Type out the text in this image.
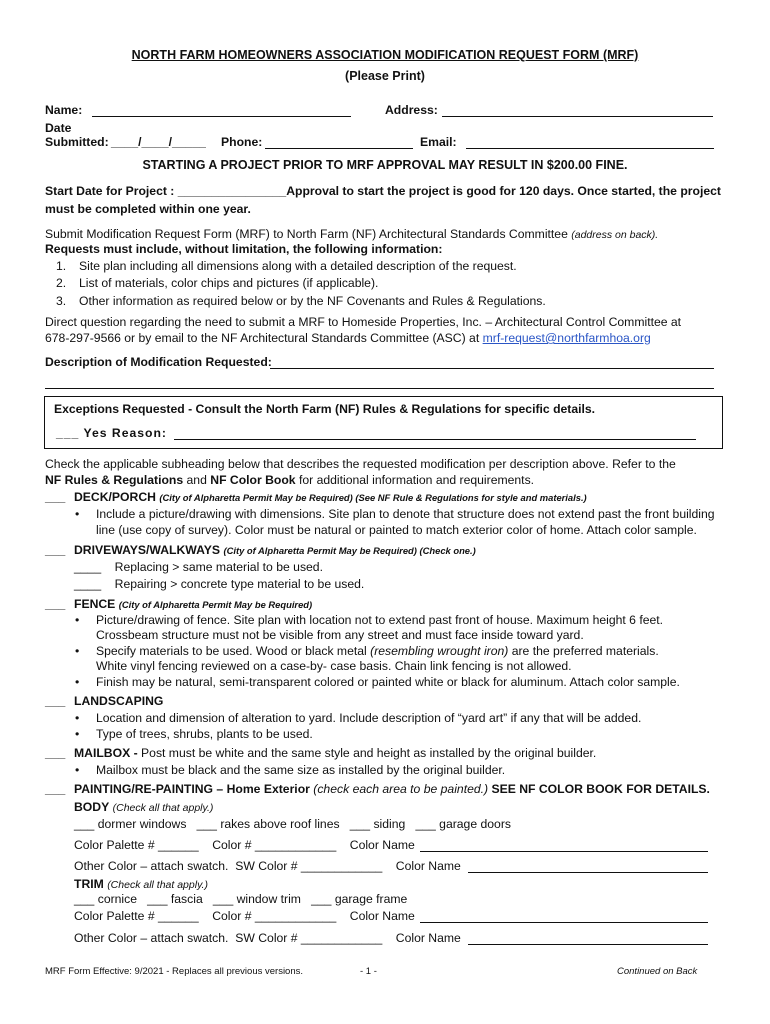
NORTH FARM HOMEOWNERS ASSOCIATION MODIFICATION REQUEST FORM (MRF)
(Please Print)
Name:	Address:
Date
Submitted: ____/____/_____ Phone:	Email:
STARTING A PROJECT PRIOR TO MRF APPROVAL MAY RESULT IN $200.00 FINE.
Start Date for Project : ________________Approval to start the project is good for 120 days. Once started, the project
must be completed within one year.
Submit Modification Request Form (MRF) to North Farm (NF) Architectural Standards Committee (address on back).
Requests must include, without limitation, the following information:
1. Site plan including all dimensions along with a detailed description of the request.
2. List of materials, color chips and pictures (if applicable).
3. Other information as required below or by the NF Covenants and Rules & Regulations.
Direct question regarding the need to submit a MRF to Homeside Properties, Inc. – Architectural Control Committee at
678-297-9566 or by email to the NF Architectural Standards Committee (ASC) at mrf-request@northfarmhoa.org
Description of Modification Requested:
Exceptions Requested - Consult the North Farm (NF) Rules & Regulations for specific details.
___ Yes Reason:
Check the applicable subheading below that describes the requested modification per description above. Refer to the
NF Rules & Regulations and NF Color Book for additional information and requirements.
___ DECK/PORCH (City of Alpharetta Permit May be Required) (See NF Rule & Regulations for style and materials.)
• Include a picture/drawing with dimensions. Site plan to denote that structure does not extend past the front building
line (use copy of survey). Color must be natural or painted to match exterior color of home. Attach color sample.
___ DRIVEWAYS/WALKWAYS (City of Alpharetta Permit May be Required) (Check one.)
____    Replacing > same material to be used.
____    Repairing > concrete type material to be used.
___ FENCE (City of Alpharetta Permit May be Required)
• Picture/drawing of fence. Site plan with location not to extend past front of house. Maximum height 6 feet.
Crossbeam structure must not be visible from any street and must face inside toward yard.
• Specify materials to be used. Wood or black metal (resembling wrought iron) are the preferred materials.
White vinyl fencing reviewed on a case-by- case basis. Chain link fencing is not allowed.
• Finish may be natural, semi-transparent colored or painted white or black for aluminum. Attach color sample.
___ LANDSCAPING
• Location and dimension of alteration to yard. Include description of “yard art” if any that will be added.
• Type of trees, shrubs, plants to be used.
___ MAILBOX - Post must be white and the same style and height as installed by the original builder.
• Mailbox must be black and the same size as installed by the original builder.
___ PAINTING/RE-PAINTING – Home Exterior (check each area to be painted.) SEE NF COLOR BOOK FOR DETAILS.
BODY (Check all that apply.)
___ dormer windows   ___ rakes above roof lines   ___ siding   ___ garage doors
Color Palette # ______    Color # ____________    Color Name
Other Color – attach swatch.  SW Color # ____________    Color Name
TRIM (Check all that apply.)
___ cornice   ___ fascia   ___ window trim   ___ garage frame
Color Palette # ______    Color # ____________    Color Name
Other Color – attach swatch.  SW Color # ____________    Color Name
MRF Form Effective: 9/2021 - Replaces all previous versions.	- 1 -	Continued on Back
